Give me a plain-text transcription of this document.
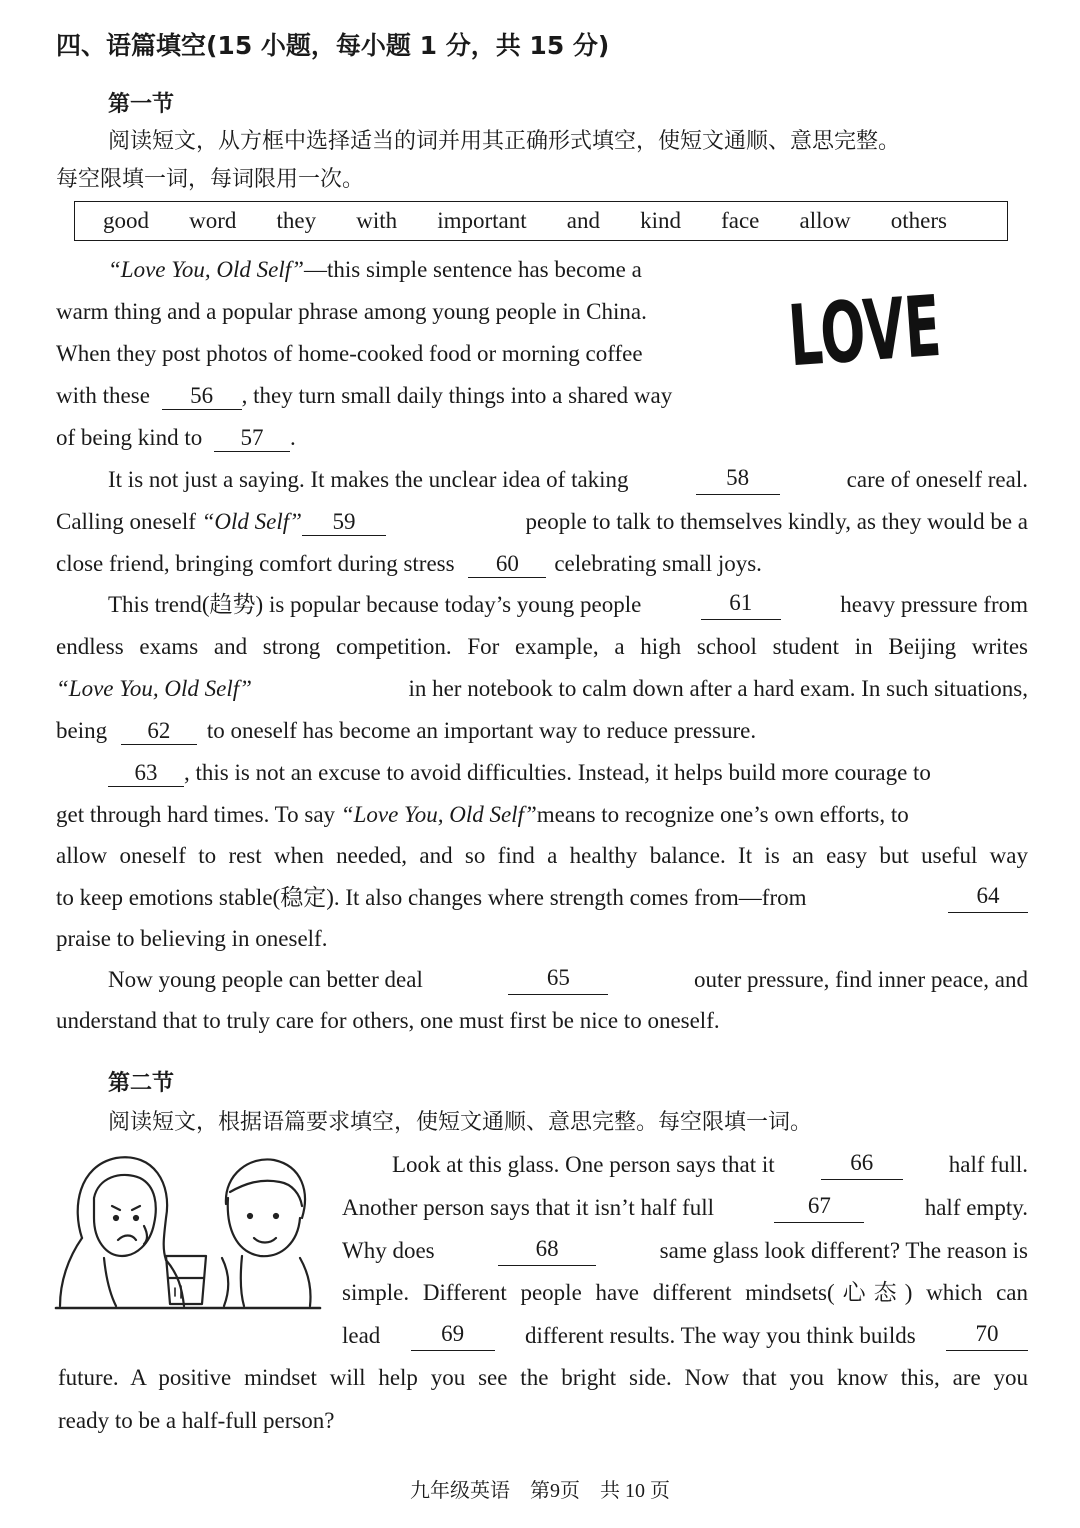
四、语篇填空(15 小题，每小题 1 分，共 15 分)
第一节
阅读短文，从方框中选择适当的词并用其正确形式填空，使短文通顺、意思完整。
每空限填一词，每词限用一次。
good word they with important and kind face allow others
LOVE
“Love You, Old Self”—this simple sentence has become a
warm thing and a popular phrase among young people in China.
When they post photos of home-cooked food or morning coffee
with these 56 , they turn small daily things into a shared way
of being kind to 57 .
It is not just a saying. It makes the unclear idea of taking	58	care of oneself real.
Calling oneself “Old Self” 59	people to talk to themselves kindly, as they would be a
close friend, bringing comfort during stress 60 celebrating small joys.
This trend(趋势) is popular because today’s young people	61	heavy pressure from
endless exams and strong competition. For example, a high school student in Beijing writes
“Love You, Old Self”	in her notebook to calm down after a hard exam. In such situations,
being 62 to oneself has become an important way to reduce pressure.
63 , this is not an excuse to avoid difficulties. Instead, it helps build more courage to
get through hard times. To say “Love You, Old Self”means to recognize one’s own efforts, to
allow oneself to rest when needed, and so find a healthy balance. It is an easy but useful way
to keep emotions stable(稳定). It also changes where strength comes from—from	64
praise to believing in oneself.
Now young people can better deal	65	outer pressure, find inner peace, and
understand that to truly care for others, one must first be nice to oneself.
第二节
阅读短文，根据语篇要求填空，使短文通顺、意思完整。每空限填一词。
Look at this glass. One person says that it	66	half full.
Another person says that it isn’t half full	67	half empty.
Why does	68	same glass look different? The reason is
simple. Different people have different mindsets(心态) which can
lead	69	different results. The way you think builds	70
future. A positive mindset will help you see the bright side. Now that you know this, are you
ready to be a half-full person?
九年级英语　第9页　共 10 页
